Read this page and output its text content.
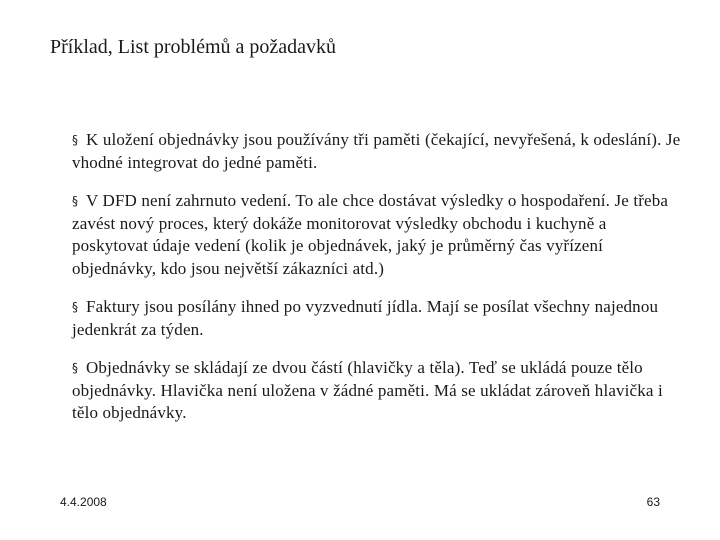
Příklad, List problémů a požadavků
§ K uložení objednávky jsou používány tři paměti (čekající, nevyřešená, k odeslání). Je vhodné integrovat do jedné paměti.
§ V DFD není zahrnuto vedení. To ale chce dostávat výsledky o hospodaření. Je třeba zavést nový proces, který dokáže monitorovat výsledky obchodu i kuchyně a poskytovat údaje vedení (kolik je objednávek, jaký je průměrný čas vyřízení objednávky, kdo jsou největší zákazníci atd.)
§ Faktury jsou posílány ihned po vyzvednutí jídla. Mají se posílat všechny najednou jedenkrát za týden.
§ Objednávky se skládají ze dvou částí (hlavičky a těla). Teď se ukládá pouze tělo objednávky. Hlavička není uložena v žádné paměti. Má se ukládat zároveň hlavička i tělo objednávky.
4.4.2008	63
